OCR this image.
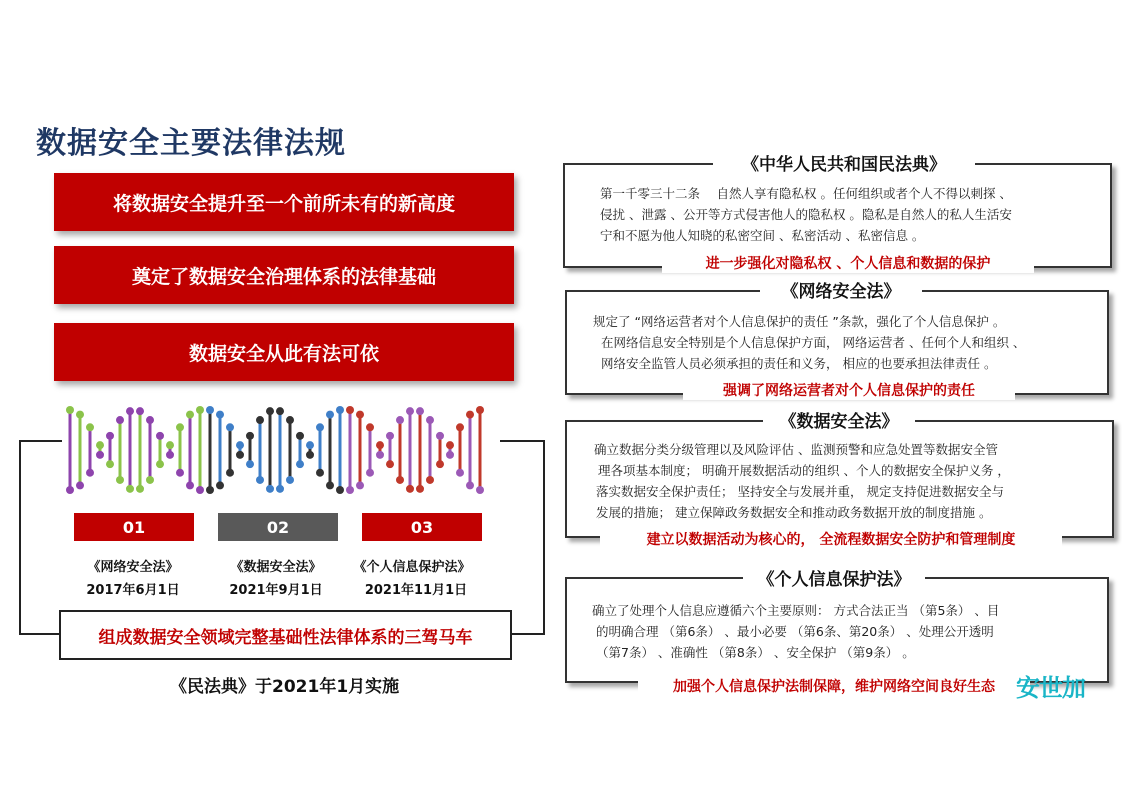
数据安全主要法律法规
将数据安全提升至一个前所未有的新高度
奠定了数据安全治理体系的法律基础
数据安全从此有法可依
01	02	03
《网络安全法》
2017年6月1日
《数据安全法》
2021年9月1日
《个人信息保护法》
2021年11月1日
组成数据安全领域完整基础性法律体系的三驾马车
《民法典》于2021年1月实施
《中华人民共和国民法典》
第一千零三十二条　 自然人享有隐私权 。任何组织或者个人不得以刺探 、
侵扰 、泄露 、公开等方式侵害他人的隐私权 。隐私是自然人的私人生活安
宁和不愿为他人知晓的私密空间 、私密活动 、私密信息 。
进一步强化对隐私权 、个人信息和数据的保护
《网络安全法》
规定了 “网络运营者对个人信息保护的责任 ”条款，强化了个人信息保护 。
在网络信息安全特别是个人信息保护方面， 网络运营者 、任何个人和组织 、
网络安全监管人员必须承担的责任和义务， 相应的也要承担法律责任 。
强调了网络运营者对个人信息保护的责任
《数据安全法》
确立数据分类分级管理以及风险评估 、监测预警和应急处置等数据安全管
理各项基本制度； 明确开展数据活动的组织 、个人的数据安全保护义务 ，
落实数据安全保护责任； 坚持安全与发展并重， 规定支持促进数据安全与
发展的措施； 建立保障政务数据安全和推动政务数据开放的制度措施 。
建立以数据活动为核心的， 全流程数据安全防护和管理制度
《个人信息保护法》
确立了处理个人信息应遵循六个主要原则： 方式合法正当 （第5条） 、目
的明确合理 （第6条） 、最小必要 （第6条、第20条） 、处理公开透明
（第7条） 、准确性 （第8条） 、安全保护 （第9条） 。
加强个人信息保护法制保障，维护网络空间良好生态 安世加
